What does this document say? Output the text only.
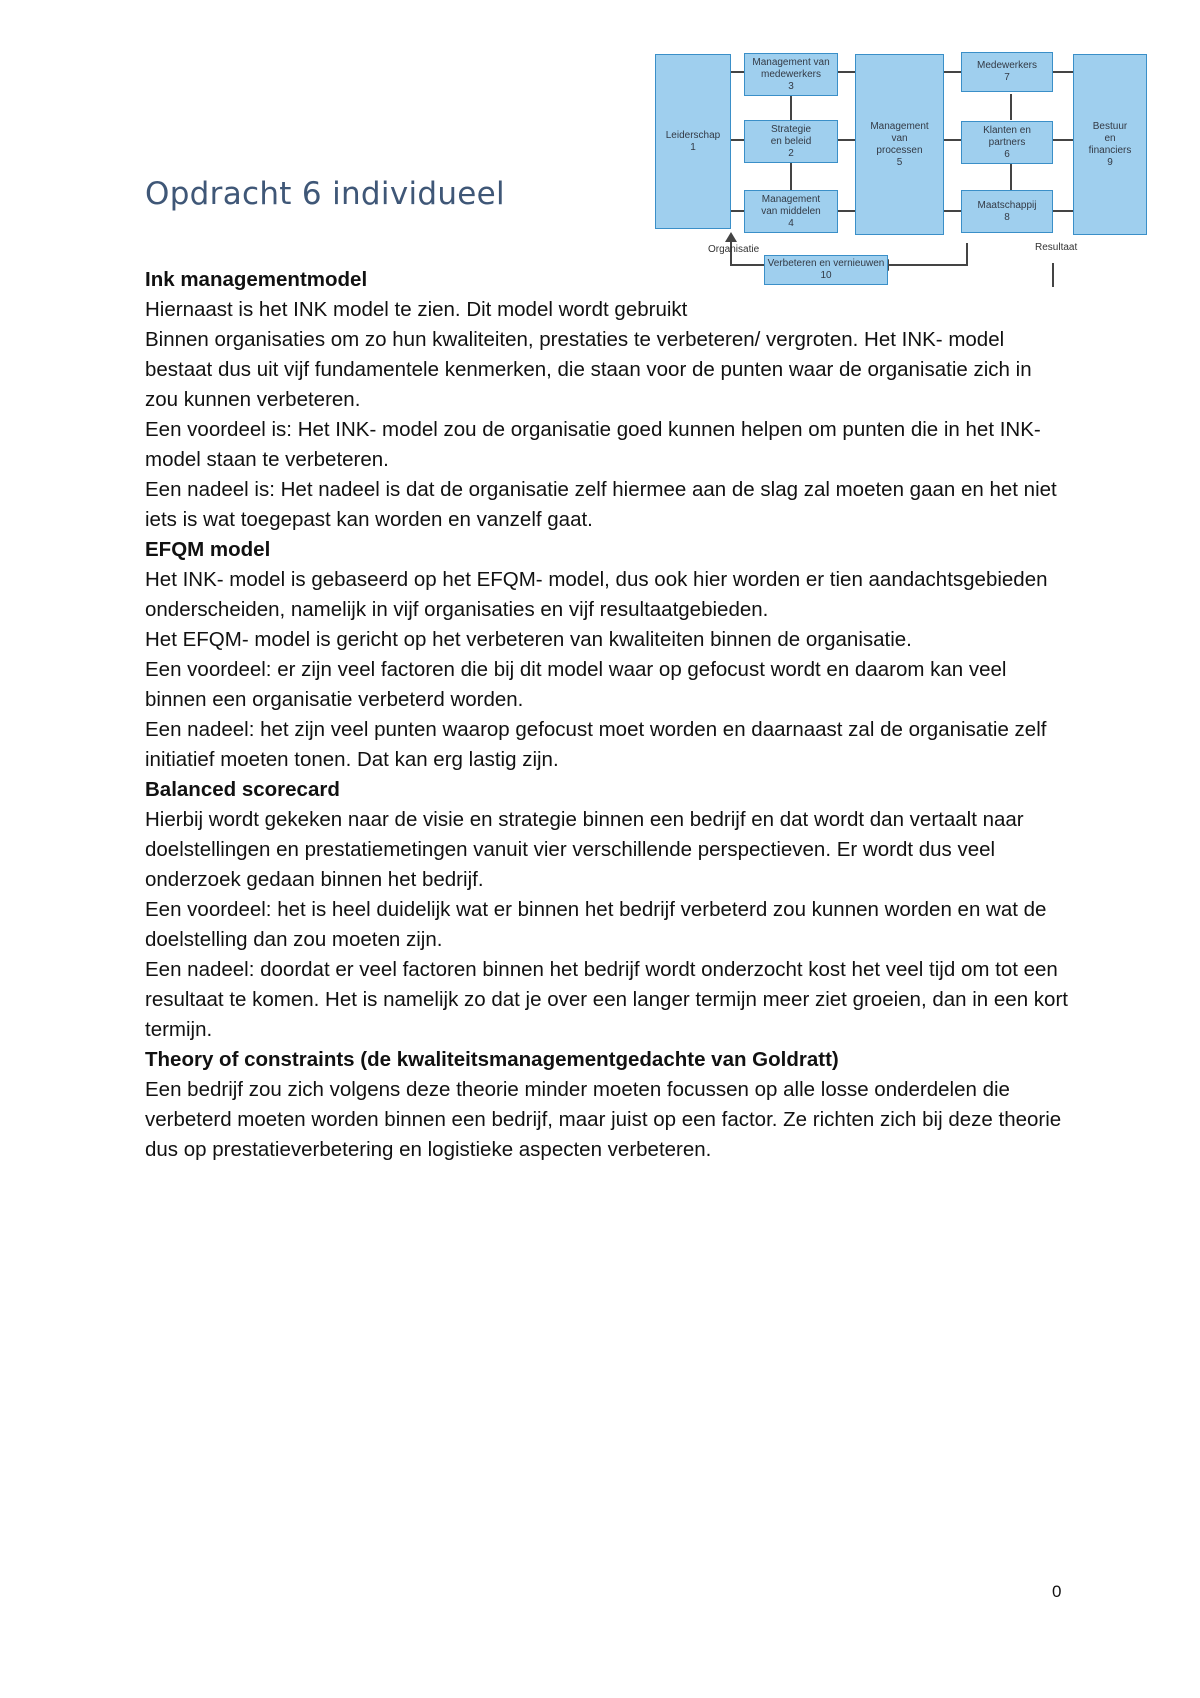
Leiderschap
1
Management van
medewerkers
3
Strategie
en beleid
2
Management
van middelen
4
Management
van
processen
5
Medewerkers
7
Klanten en
partners
6
Maatschappij
8
Bestuur
en
financiers
9
Verbeteren en vernieuwen
10
Organisatie	Resultaat
Opdracht 6 individueel
Ink managementmodel

Hiernaast is het INK model te zien. Dit model wordt gebruikt

Binnen organisaties om zo hun kwaliteiten, prestaties te verbeteren/ vergroten. Het INK- model bestaat dus uit vijf fundamentele kenmerken, die staan voor de punten waar de organisatie zich in zou kunnen verbeteren.

Een voordeel is: Het INK- model zou de organisatie goed kunnen helpen om punten die in het INK- model staan te verbeteren.

Een nadeel is: Het nadeel is dat de organisatie zelf hiermee aan de slag zal moeten gaan en het niet iets is wat toegepast kan worden en vanzelf gaat.

EFQM model

Het INK- model is gebaseerd op het EFQM- model, dus ook hier worden er tien aandachtsgebieden onderscheiden, namelijk in vijf organisaties en vijf resultaatgebieden.

Het EFQM- model is gericht op het verbeteren van kwaliteiten binnen de organisatie.

Een voordeel: er zijn veel factoren die bij dit model waar op gefocust wordt en daarom kan veel binnen een organisatie verbeterd worden.

Een nadeel: het zijn veel punten waarop gefocust moet worden en daarnaast zal de organisatie zelf initiatief moeten tonen. Dat kan erg lastig zijn.

Balanced scorecard

Hierbij wordt gekeken naar de visie en strategie binnen een bedrijf en dat wordt dan vertaalt naar doelstellingen en prestatiemetingen vanuit vier verschillende perspectieven. Er wordt dus veel onderzoek gedaan binnen het bedrijf.

Een voordeel: het is heel duidelijk wat er binnen het bedrijf verbeterd zou kunnen worden en wat de doelstelling dan zou moeten zijn.

Een nadeel: doordat er veel factoren binnen het bedrijf wordt onderzocht kost het veel tijd om tot een resultaat te komen. Het is namelijk zo dat je over een langer termijn meer ziet groeien, dan in een kort termijn.

Theory of constraints (de kwaliteitsmanagementgedachte van Goldratt)

Een bedrijf zou zich volgens deze theorie minder moeten focussen op alle losse onderdelen die verbeterd moeten worden binnen een bedrijf, maar juist op een factor. Ze richten zich bij deze theorie dus op prestatieverbetering en logistieke aspecten verbeteren.

0
